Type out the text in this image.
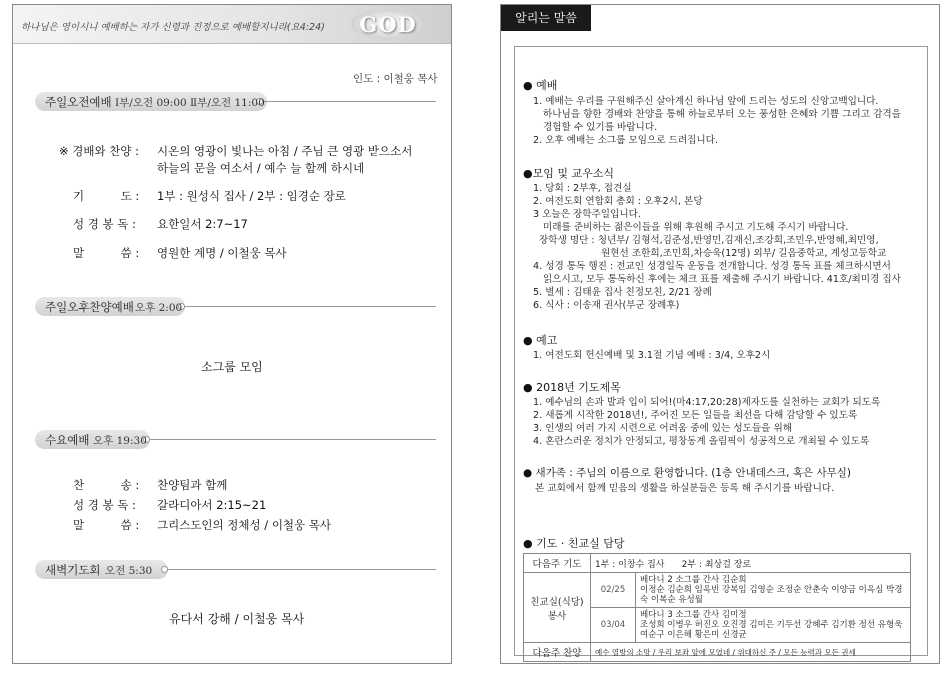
하나님은 영이시니 예배하는 자가 신령과 진정으로 예배할지니라(요4:24)	GOD
인도 : 이철웅 목사
주일오전예배 Ⅰ부/오전 09:00 Ⅱ부/오전 11:00
※ 경배와 찬양 : 시온의 영광이 빛나는 아침 / 주님 큰 영광 받으소서
하늘의 문을 여소서 / 예수 늘 함께 하시네
기          도 : 1부 : 원성식 집사 / 2부 : 임경순 장로
성 경 봉 독 : 요한일서 2:7~17
말          씀 : 영원한 계명 / 이철웅 목사
주일오후찬양예배 오후 2:00
소그룹 모임
수요예배 오후 19:30
찬          송 : 찬양팀과 함께
성 경 봉 독 : 갈라디아서 2:15~21
말          씀 : 그리스도인의 정체성 / 이철웅 목사
새벽기도회 오전 5:30
유다서 강해 / 이철웅 목사
알리는 말씀
● 예배
1. 예배는 우리를 구원해주신 살아계신 하나님 앞에 드리는 성도의 신앙고백입니다.
하나님을 향한 경배와 찬양을 통해 하늘로부터 오는 풍성한 은혜와 기쁨 그리고 감격을
경험할 수 있기를 바랍니다.
2. 오후 예배는 소그룹 모임으로 드려집니다.
●모임 및 교우소식
1. 당회 : 2부후, 접견실
2. 여전도회 연합회 총회 : 오후2시, 본당
3 오늘은 장학주일입니다.
미래를 준비하는 젊은이들을 위해 후원해 주시고 기도해 주시기 바랍니다.
장학생 명단 : 청년부/ 김형석,김준성,반영민,김재신,조강희,조민우,반영혜,최민영,
원현선 조한희,조민희,차승욱(12명) 외부/ 길음중학교, 계성고등학교
4. 성경 통독 행진 : 전교인 성경일독 운동을 전개합니다. 성경 통독 표를 체크하시면서
읽으시고, 모두 통독하신 후에는 체크 표를 제출해 주시기 바랍니다. 41호/최미경 집사
5. 별세 : 김태윤 집사 친정모친, 2/21 장례
6. 식사 : 이송재 권사(부군 장례후)
● 예고
1. 여전도회 헌신예배 및 3.1절 기념 예배 : 3/4, 오후2시
● 2018년 기도제목
1. 예수님의 손과 발과 입이 되어!(마4:17,20:28)제자도를 실천하는 교회가 되도록
2. 새롭게 시작한 2018년!, 주어진 모든 일들을 최선을 다해 감당할 수 있도록
3. 인생의 여러 가지 시련으로 어려움 중에 있는 성도들을 위해
4. 혼란스러운 정치가 안정되고, 평창동계 올림픽이 성공적으로 개최될 수 있도록
● 새가족 : 주님의 이름으로 환영합니다. (1층 안내데스크, 혹은 사무실)
본 교회에서 함께 믿음의 생활을 하실분들은 등록 해 주시기를 바랍니다.
● 기도 · 친교실 담당
다음주 기도	1부 : 이창수 집사      2부 : 최상걸 장로	
친교실(식당) 봉사	02/25	베다니 2 소그룹 간사 김순희
이정순 김순희 임옥빈 강복임 김영순 조정순 안춘숙 이양금 이옥심 박경숙 이복순 유성월

	03/04	베다니 3 소그룹 간사 김미정
조성희 이병우 허진오 오진경 김미은 기두선 강혜주 김기환 정선 유형욱 여순구 이은해 황은미 신경균

다음주 찬양	예수 열방의 소망 / 우리 보좌 앞에 모였네 / 위대하신 주 / 모든 능력과 모든 권세	
